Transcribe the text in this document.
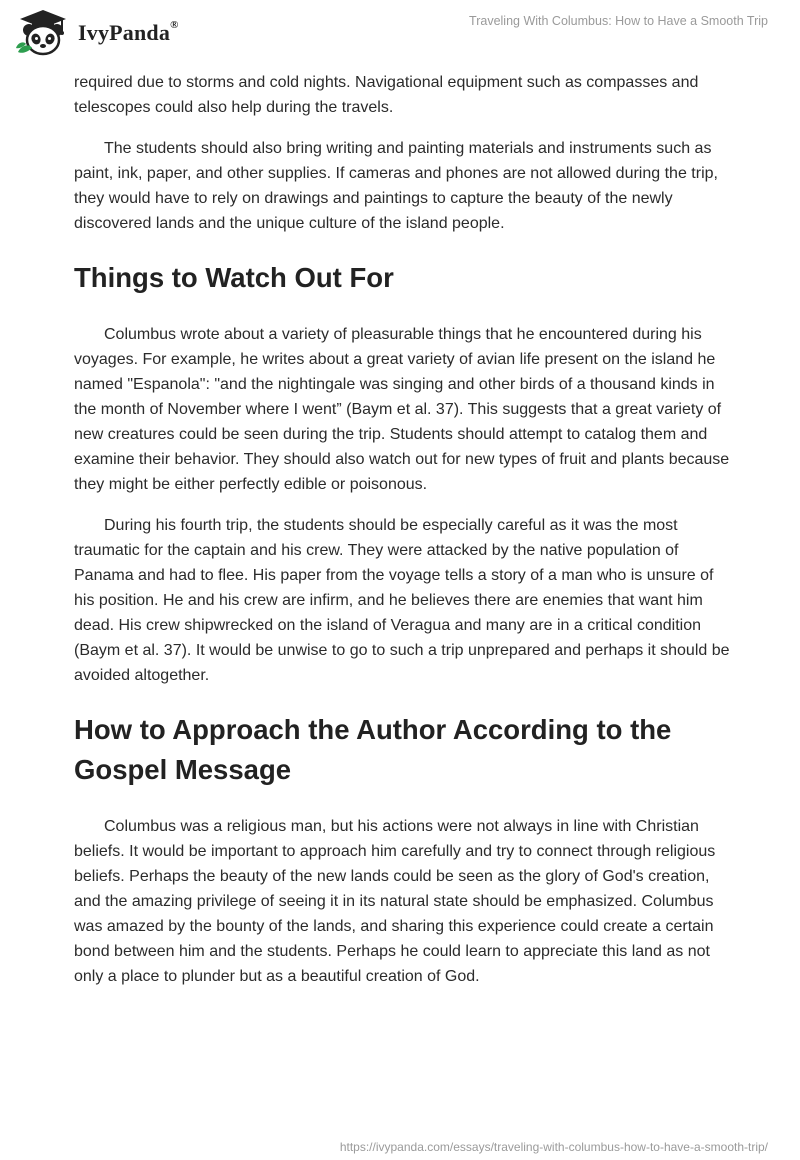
IvyPanda®	Traveling With Columbus: How to Have a Smooth Trip

required due to storms and cold nights. Navigational equipment such as compasses and telescopes could also help during the travels.

The students should also bring writing and painting materials and instruments such as paint, ink, paper, and other supplies. If cameras and phones are not allowed during the trip, they would have to rely on drawings and paintings to capture the beauty of the newly discovered lands and the unique culture of the island people.

Things to Watch Out For

Columbus wrote about a variety of pleasurable things that he encountered during his voyages. For example, he writes about a great variety of avian life present on the island he named "Espanola": "and the nightingale was singing and other birds of a thousand kinds in the month of November where I went” (Baym et al. 37). This suggests that a great variety of new creatures could be seen during the trip. Students should attempt to catalog them and examine their behavior. They should also watch out for new types of fruit and plants because they might be either perfectly edible or poisonous.

During his fourth trip, the students should be especially careful as it was the most traumatic for the captain and his crew. They were attacked by the native population of Panama and had to flee. His paper from the voyage tells a story of a man who is unsure of his position. He and his crew are infirm, and he believes there are enemies that want him dead. His crew shipwrecked on the island of Veragua and many are in a critical condition (Baym et al. 37). It would be unwise to go to such a trip unprepared and perhaps it should be avoided altogether.

How to Approach the Author According to the Gospel Message

Columbus was a religious man, but his actions were not always in line with Christian beliefs. It would be important to approach him carefully and try to connect through religious beliefs. Perhaps the beauty of the new lands could be seen as the glory of God's creation, and the amazing privilege of seeing it in its natural state should be emphasized. Columbus was amazed by the bounty of the lands, and sharing this experience could create a certain bond between him and the students. Perhaps he could learn to appreciate this land as not only a place to plunder but as a beautiful creation of God.

https://ivypanda.com/essays/traveling-with-columbus-how-to-have-a-smooth-trip/
